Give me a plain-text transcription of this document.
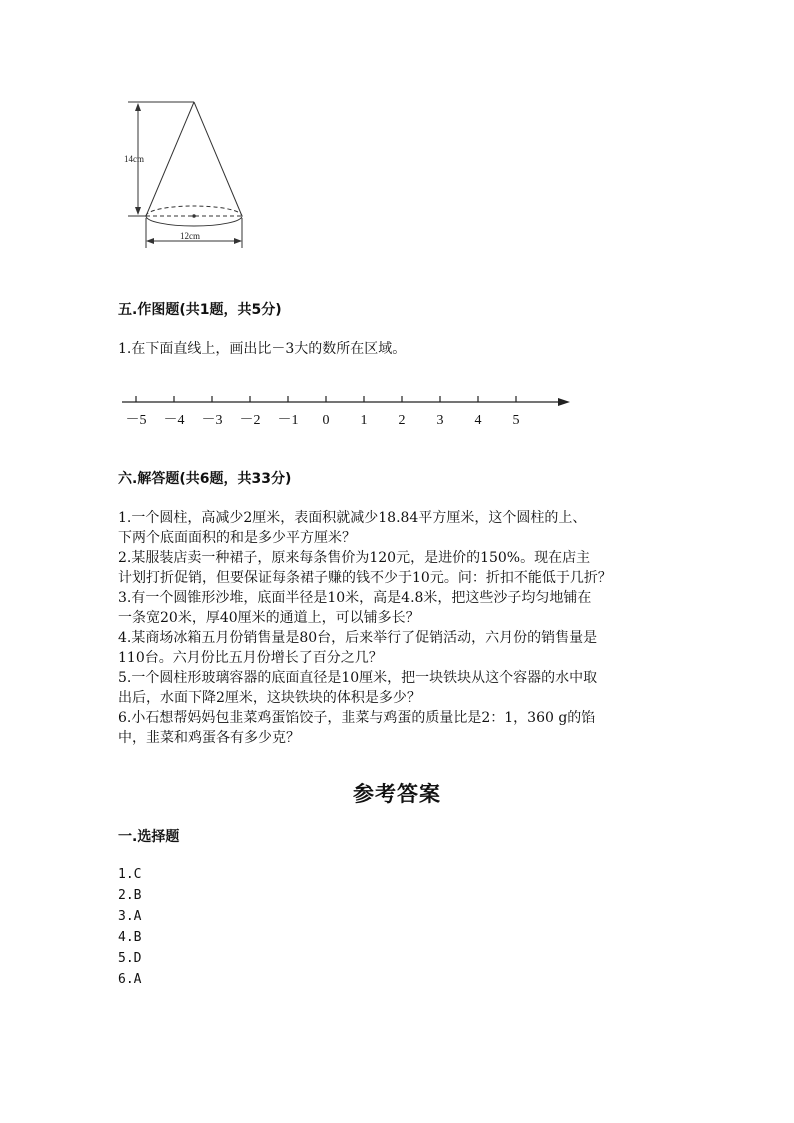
14cm
12cm
五.作图题(共1题，共5分)
1.在下面直线上，画出比－3大的数所在区域。
－5 －4 －3 －2 －1 0 1 2 3 4 5
六.解答题(共6题，共33分)
1.一个圆柱，高减少2厘米，表面积就减少18.84平方厘米，这个圆柱的上、
下两个底面面积的和是多少平方厘米？
2.某服装店卖一种裙子，原来每条售价为120元，是进价的150%。现在店主
计划打折促销，但要保证每条裙子赚的钱不少于10元。问：折扣不能低于几折？
3.有一个圆锥形沙堆，底面半径是10米，高是4.8米，把这些沙子均匀地铺在
一条宽20米，厚40厘米的通道上，可以铺多长？
4.某商场冰箱五月份销售量是80台，后来举行了促销活动，六月份的销售量是
110台。六月份比五月份增长了百分之几？
5.一个圆柱形玻璃容器的底面直径是10厘米，把一块铁块从这个容器的水中取
出后，水面下降2厘米，这块铁块的体积是多少？
6.小石想帮妈妈包韭菜鸡蛋馅饺子，韭菜与鸡蛋的质量比是2：1，360 g的馅
中，韭菜和鸡蛋各有多少克？
参考答案
一.选择题
1.C
2.B
3.A
4.B
5.D
6.A
